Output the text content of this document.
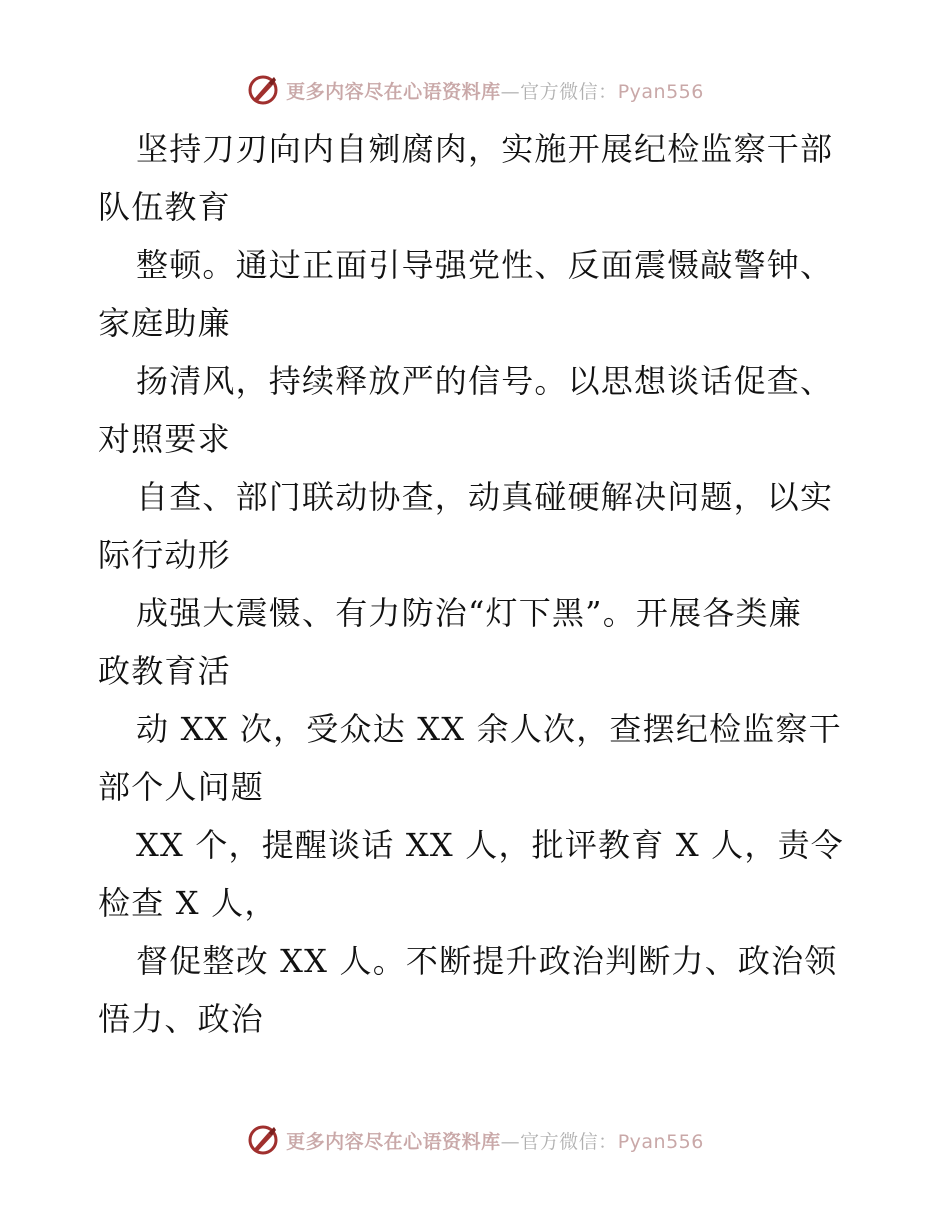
更多内容尽在心语资料库—官方微信：Pyan556
坚持刀刃向内自剜腐肉，实施开展纪检监察干部
队伍教育
整顿。通过正面引导强党性、反面震慑敲警钟、
家庭助廉
扬清风，持续释放严的信号。以思想谈话促查、
对照要求
自查、部门联动协查，动真碰硬解决问题，以实
际行动形
成强大震慑、有力防治“灯下黑”。开展各类廉
政教育活
动 XX 次，受众达 XX 余人次，查摆纪检监察干
部个人问题
XX 个，提醒谈话 XX 人，批评教育 X 人，责令
检查 X 人，
督促整改 XX 人。不断提升政治判断力、政治领
悟力、政治
更多内容尽在心语资料库—官方微信：Pyan556
